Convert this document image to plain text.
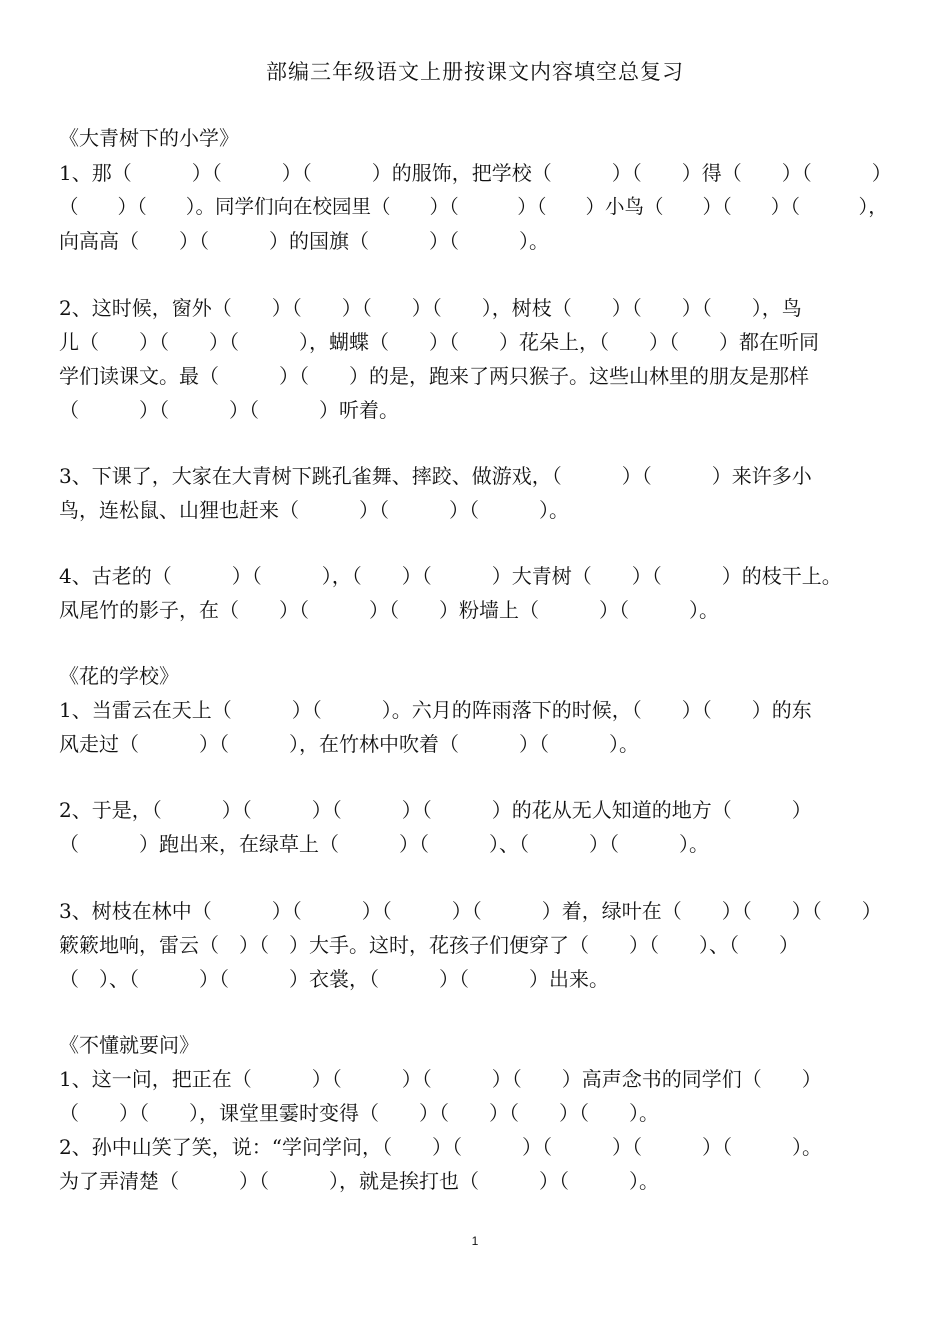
部编三年级语文上册按课文内容填空总复习
《大青树下的小学》
1、那（　　　）（　　　）（　　　）的服饰，把学校（　　　）（　　）得（　　）（　　　）
（　　）（　　）。同学们向在校园里（　　）（　　　）（　　）小鸟（　　）（　　）（　　　），
向高高（　　）（　　　）的国旗（　　　）（　　　）。
2、这时候，窗外（　　）（　　）（　　）（　　），树枝（　　）（　　）（　　），鸟
儿（　　）（　　）（　　　），蝴蝶（　　）（　　）花朵上，（　　）（　　）都在听同
学们读课文。最（　　　）（　　）的是，跑来了两只猴子。这些山林里的朋友是那样
（　　　）（　　　）（　　　）听着。
3、下课了，大家在大青树下跳孔雀舞、摔跤、做游戏，（　　　）（　　　）来许多小
鸟，连松鼠、山狸也赶来（　　　）（　　　）（　　　）。
4、古老的（　　　）（　　　），（　　）（　　　）大青树（　　）（　　　）的枝干上。
凤尾竹的影子，在（　　）（　　　）（　　）粉墙上（　　　）（　　　）。
《花的学校》
1、当雷云在天上（　　　）（　　　）。六月的阵雨落下的时候，（　　）（　　）的东
风走过（　　　）（　　　），在竹林中吹着（　　　）（　　　）。
2、于是，（　　　）（　　　）（　　　）（　　　）的花从无人知道的地方（　　　）
（　　　）跑出来，在绿草上（　　　）（　　　）、（　　　）（　　　）。
3、树枝在林中（　　　）（　　　）（　　　）（　　　）着，绿叶在（　　）（　　）（　　）
簌簌地响，雷云（　）（　）大手。这时，花孩子们便穿了（　　）（　　）、（　　）
（　）、（　　　）（　　　）衣裳，（　　　）（　　　）出来。
《不懂就要问》
1、这一问，把正在（　　　）（　　　）（　　　）（　　）高声念书的同学们（　　）
（　　）（　　），课堂里霎时变得（　　）（　　）（　　）（　　）。
2、孙中山笑了笑，说：“学问学问，（　　）（　　　）（　　　）（　　　）（　　　）。
为了弄清楚（　　　）（　　　），就是挨打也（　　　）（　　　）。
1
